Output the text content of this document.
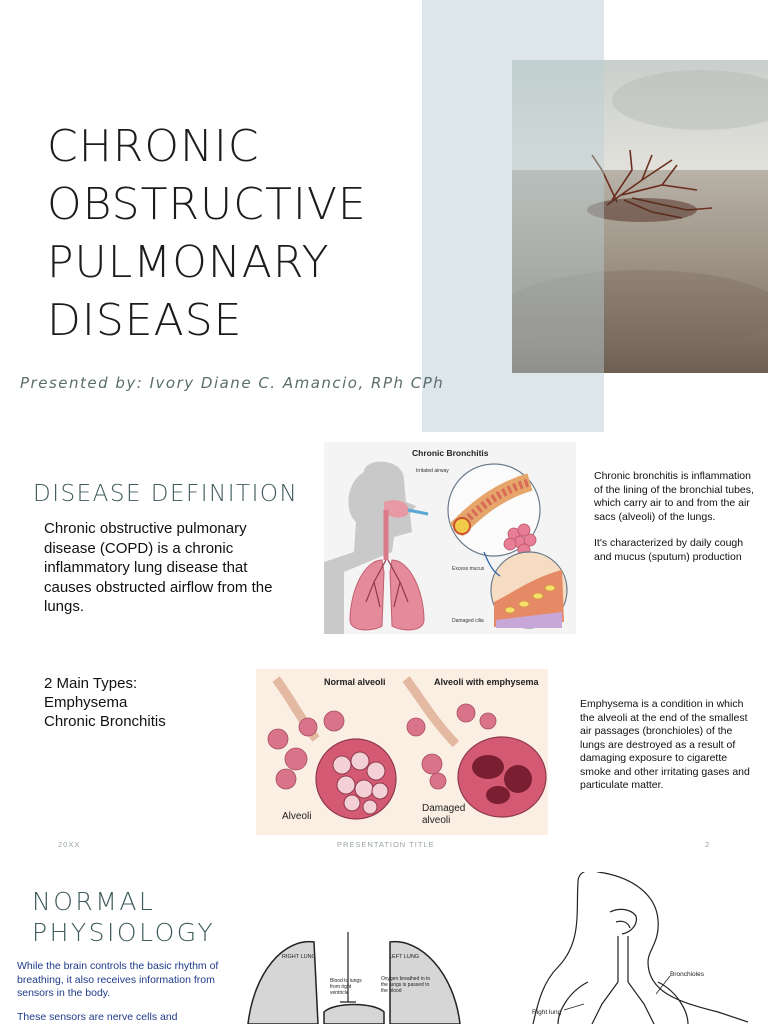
CHRONIC
OBSTRUCTIVE
PULMONARY
DISEASE
Presented by: Ivory Diane C. Amancio, RPh CPh
DISEASE DEFINITION

Chronic obstructive pulmonary disease (COPD) is a chronic inflammatory lung disease that causes obstructed airflow from the lungs.

2 Main Types:
Emphysema
Chronic Bronchitis
Chronic Bronchitis
Irritated airway
Excess mucus
Damaged cilia

Chronic bronchitis is inflammation of the lining of the bronchial tubes, which carry air to and from the air sacs (alveoli) of the lungs.

It's characterized by daily cough and mucus (sputum) production

Normal alveoli	Alveoli with emphysema
Alveoli
Damaged
alveoli

Emphysema is a condition in which the alveoli at the end of the smallest air passages (bronchioles) of the lungs are destroyed as a result of damaging exposure to cigarette smoke and other irritating gases and particulate matter.

20XX	PRESENTATION TITLE	2
NORMAL
PHYSIOLOGY

While the brain controls the basic rhythm of breathing, it also receives information from sensors in the body.

These sensors are nerve cells and

RIGHT LUNG	LEFT LUNG
Blood to lungs
from right
ventricle
Oxygen breathed in to
the lungs is passed to
the blood
Bronchioles
Right lung
